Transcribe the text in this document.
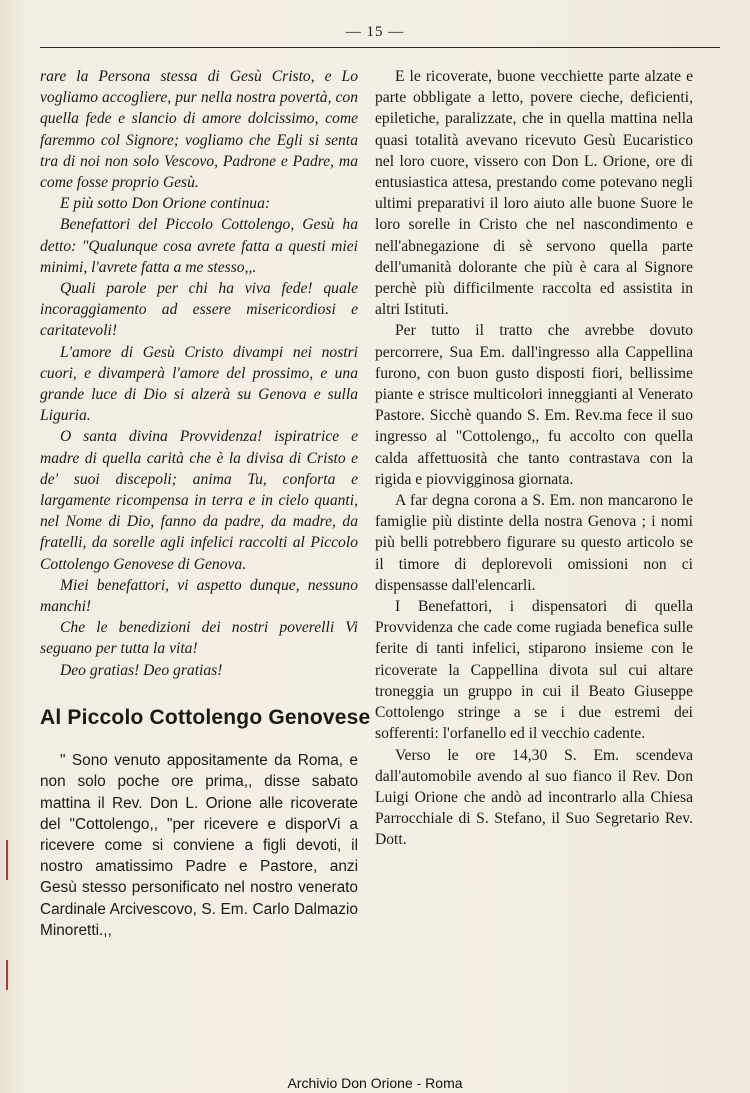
— 15 —

rare la Persona stessa di Gesù Cristo, e Lo vogliamo accogliere, pur nella nostra povertà, con quella fede e slancio di amore dolcissimo, come faremmo col Signore; vogliamo che Egli si senta tra di noi non solo Vescovo, Padrone e Padre, ma come fosse proprio Gesù.

E più sotto Don Orione continua:

Benefattori del Piccolo Cottolengo, Gesù ha detto: "Qualunque cosa avrete fatta a questi miei minimi, l'avrete fatta a me stesso,,.

Quali parole per chi ha viva fede! quale incoraggiamento ad essere misericordiosi e caritatevoli!

L'amore di Gesù Cristo divampi nei nostri cuori, e divamperà l'amore del prossimo, e una grande luce di Dio si alzerà su Genova e sulla Liguria.

O santa divina Provvidenza! ispiratrice e madre di quella carità che è la divisa di Cristo e de' suoi discepoli; anima Tu, conforta e largamente ricompensa in terra e in cielo quanti, nel Nome di Dio, fanno da padre, da madre, da fratelli, da sorelle agli infelici raccolti al Piccolo Cottolengo Genovese di Genova.

Miei benefattori, vi aspetto dunque, nessuno manchi!

Che le benedizioni dei nostri poverelli Vi seguano per tutta la vita!

Deo gratias! Deo gratias!

Al Piccolo Cottolengo Genovese

" Sono venuto appositamente da Roma, e non solo poche ore prima,, disse sabato mattina il Rev. Don L. Orione alle ricoverate del "Cottolengo,, "per ricevere e disporVi a ricevere come si conviene a figli devoti, il nostro amatissimo Padre e Pastore, anzi Gesù stesso personificato nel nostro venerato Cardinale Arcivescovo, S. Em. Carlo Dalmazio Minoretti.,,

E le ricoverate, buone vecchiette parte alzate e parte obbligate a letto, povere cieche, deficienti, epiletiche, paralizzate, che in quella mattina nella quasi totalità avevano ricevuto Gesù Eucaristico nel loro cuore, vissero con Don L. Orione, ore di entusiastica attesa, prestando come potevano negli ultimi preparativi il loro aiuto alle buone Suore le loro sorelle in Cristo che nel nascondimento e nell'abnegazione di sè servono quella parte dell'umanità dolorante che più è cara al Signore perchè più difficilmente raccolta ed assistita in altri Istituti.

Per tutto il tratto che avrebbe dovuto percorrere, Sua Em. dall'ingresso alla Cappellina furono, con buon gusto disposti fiori, bellissime piante e strisce multicolori inneggianti al Venerato Pastore. Sicchè quando S. Em. Rev.ma fece il suo ingresso al "Cottolengo,, fu accolto con quella calda affettuosità che tanto contrastava con la rigida e piovvigginosa giornata.

A far degna corona a S. Em. non mancarono le famiglie più distinte della nostra Genova ; i nomi più belli potrebbero figurare su questo articolo se il timore di deplorevoli omissioni non ci dispensasse dall'elencarli.

I Benefattori, i dispensatori di quella Provvidenza che cade come rugiada benefica sulle ferite di tanti infelici, stiparono insieme con le ricoverate la Cappellina divota sul cui altare troneggia un gruppo in cui il Beato Giuseppe Cottolengo stringe a se i due estremi dei sofferenti: l'orfanello ed il vecchio cadente.

Verso le ore 14,30 S. Em. scendeva dall'automobile avendo al suo fianco il Rev. Don Luigi Orione che andò ad incontrarlo alla Chiesa Parrocchiale di S. Stefano, il Suo Segretario Rev. Dott.

Archivio Don Orione - Roma
